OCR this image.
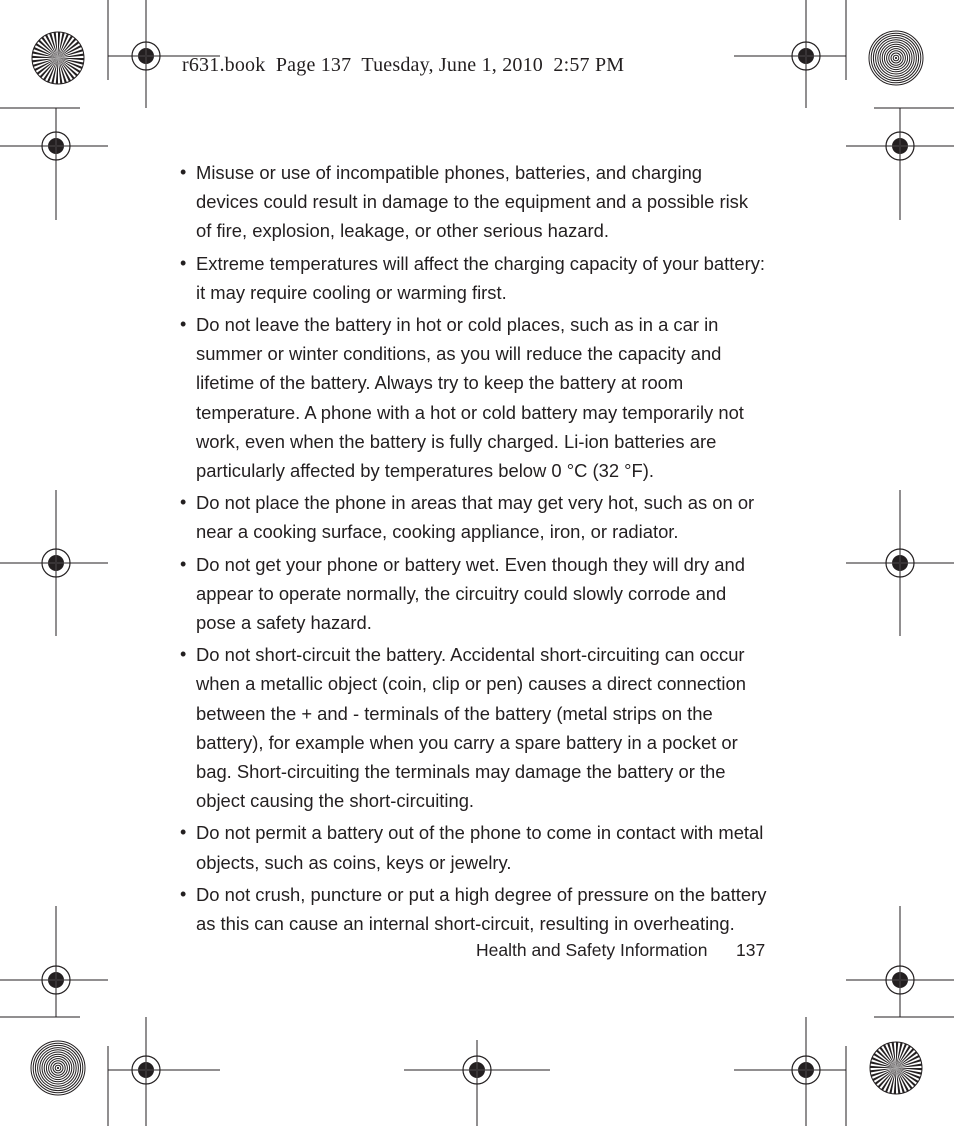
r631.book  Page 137  Tuesday, June 1, 2010  2:57 PM
• Misuse or use of incompatible phones, batteries, and charging devices could result in damage to the equipment and a possible risk of fire, explosion, leakage, or other serious hazard.
• Extreme temperatures will affect the charging capacity of your battery: it may require cooling or warming first.
• Do not leave the battery in hot or cold places, such as in a car in summer or winter conditions, as you will reduce the capacity and lifetime of the battery. Always try to keep the battery at room temperature. A phone with a hot or cold battery may temporarily not work, even when the battery is fully charged. Li-ion batteries are particularly affected by temperatures below 0 °C (32 °F).
• Do not place the phone in areas that may get very hot, such as on or near a cooking surface, cooking appliance, iron, or radiator.
• Do not get your phone or battery wet. Even though they will dry and appear to operate normally, the circuitry could slowly corrode and pose a safety hazard.
• Do not short-circuit the battery. Accidental short-circuiting can occur when a metallic object (coin, clip or pen) causes a direct connection between the + and - terminals of the battery (metal strips on the battery), for example when you carry a spare battery in a pocket or bag. Short-circuiting the terminals may damage the battery or the object causing the short-circuiting.
• Do not permit a battery out of the phone to come in contact with metal objects, such as coins, keys or jewelry.
• Do not crush, puncture or put a high degree of pressure on the battery as this can cause an internal short-circuit, resulting in overheating.
Health and Safety Information 137
